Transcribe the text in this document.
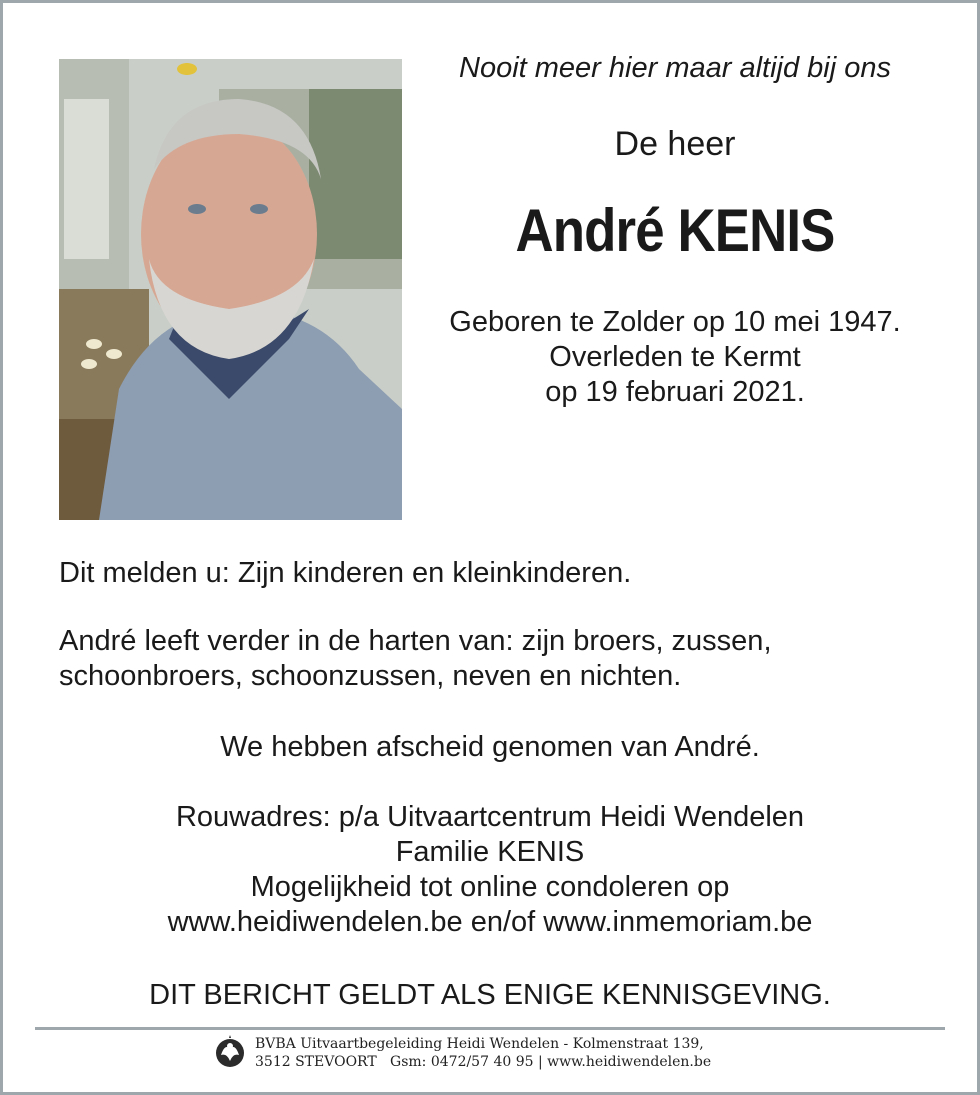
Nooit meer hier maar altijd bij ons
De heer
André KENIS
Geboren te Zolder op 10 mei 1947.
Overleden te Kermt
op 19 februari 2021.
Dit melden u: Zijn kinderen en kleinkinderen.
André leeft verder in de harten van: zijn broers, zussen,
schoonbroers, schoonzussen, neven en nichten.
We hebben afscheid genomen van André.
Rouwadres: p/a Uitvaartcentrum Heidi Wendelen
Familie KENIS
Mogelijkheid tot online condoleren op
www.heidiwendelen.be en/of www.inmemoriam.be
DIT BERICHT GELDT ALS ENIGE KENNISGEVING.
BVBA Uitvaartbegeleiding Heidi Wendelen - Kolmenstraat 139,
3512 STEVOORT   Gsm: 0472/57 40 95 | www.heidiwendelen.be
